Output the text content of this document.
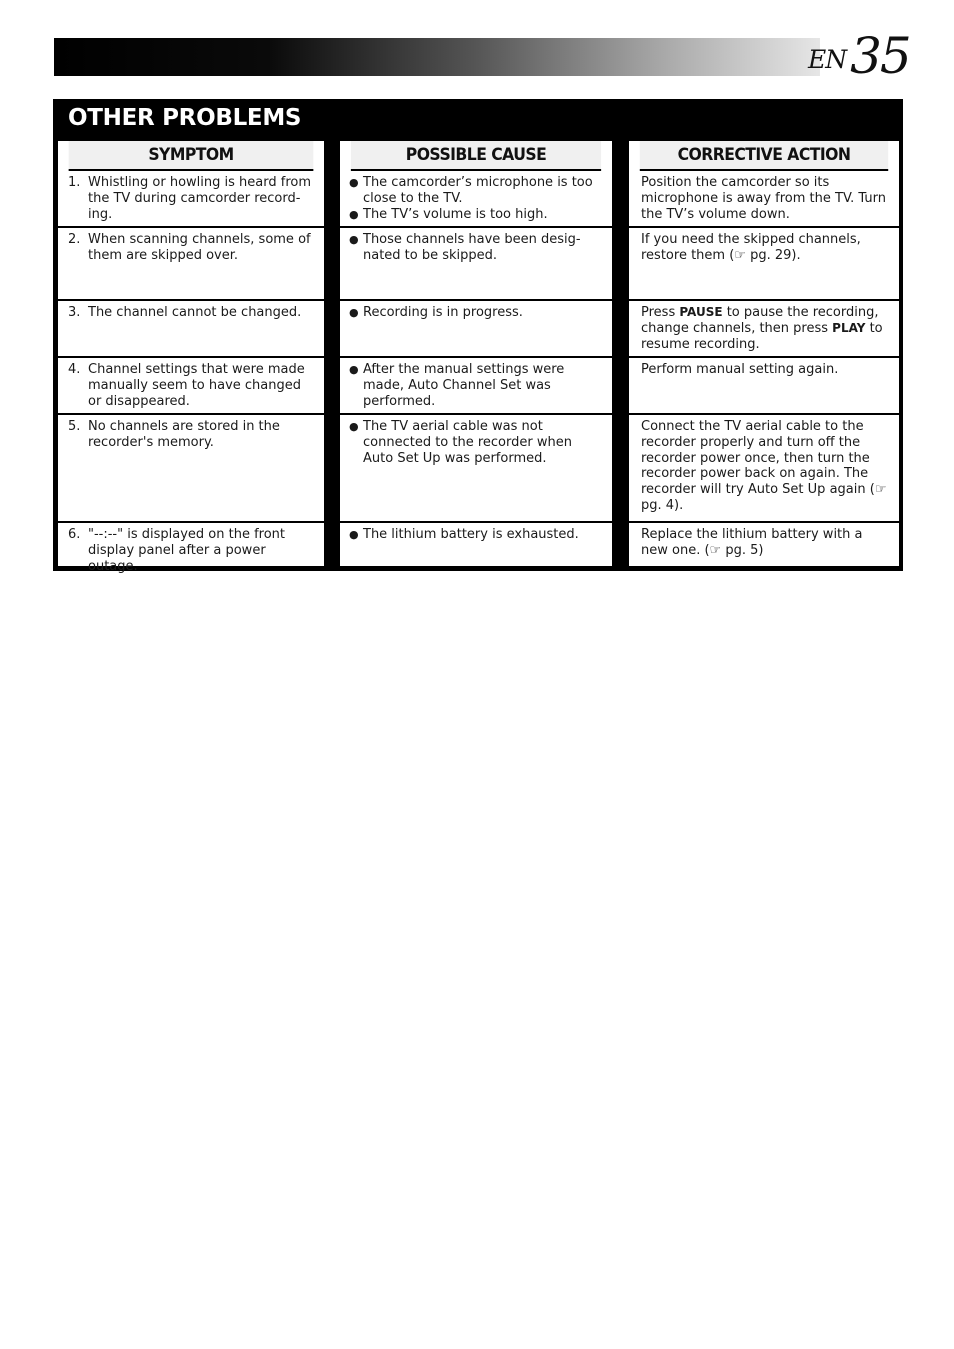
EN 35
OTHER PROBLEMS
SYMPTOM
1. Whistling or howling is heard from the TV during camcorder record-ing.
2. When scanning channels, some of them are skipped over.
3. The channel cannot be changed.
4. Channel settings that were made manually seem to have changed or disappeared.
5. No channels are stored in the recorder's memory.
6. "--:--" is displayed on the front display panel after a power outage.
POSSIBLE CAUSE
● The camcorder’s microphone is too close to the TV.
● The TV’s volume is too high.
● Those channels have been desig-nated to be skipped.
● Recording is in progress.
● After the manual settings were made, Auto Channel Set was performed.
● The TV aerial cable was not connected to the recorder when Auto Set Up was performed.
● The lithium battery is exhausted.
CORRECTIVE ACTION
Position the camcorder so its microphone is away from the TV. Turn the TV’s volume down.
If you need the skipped channels, restore them (☞ pg. 29).
Press PAUSE to pause the recording, change channels, then press PLAY to resume recording.
Perform manual setting again.
Connect the TV aerial cable to the recorder properly and turn off the recorder power once, then turn the recorder power back on again. The recorder will try Auto Set Up again (☞ pg. 4).
Replace the lithium battery with a new one. (☞ pg. 5)
